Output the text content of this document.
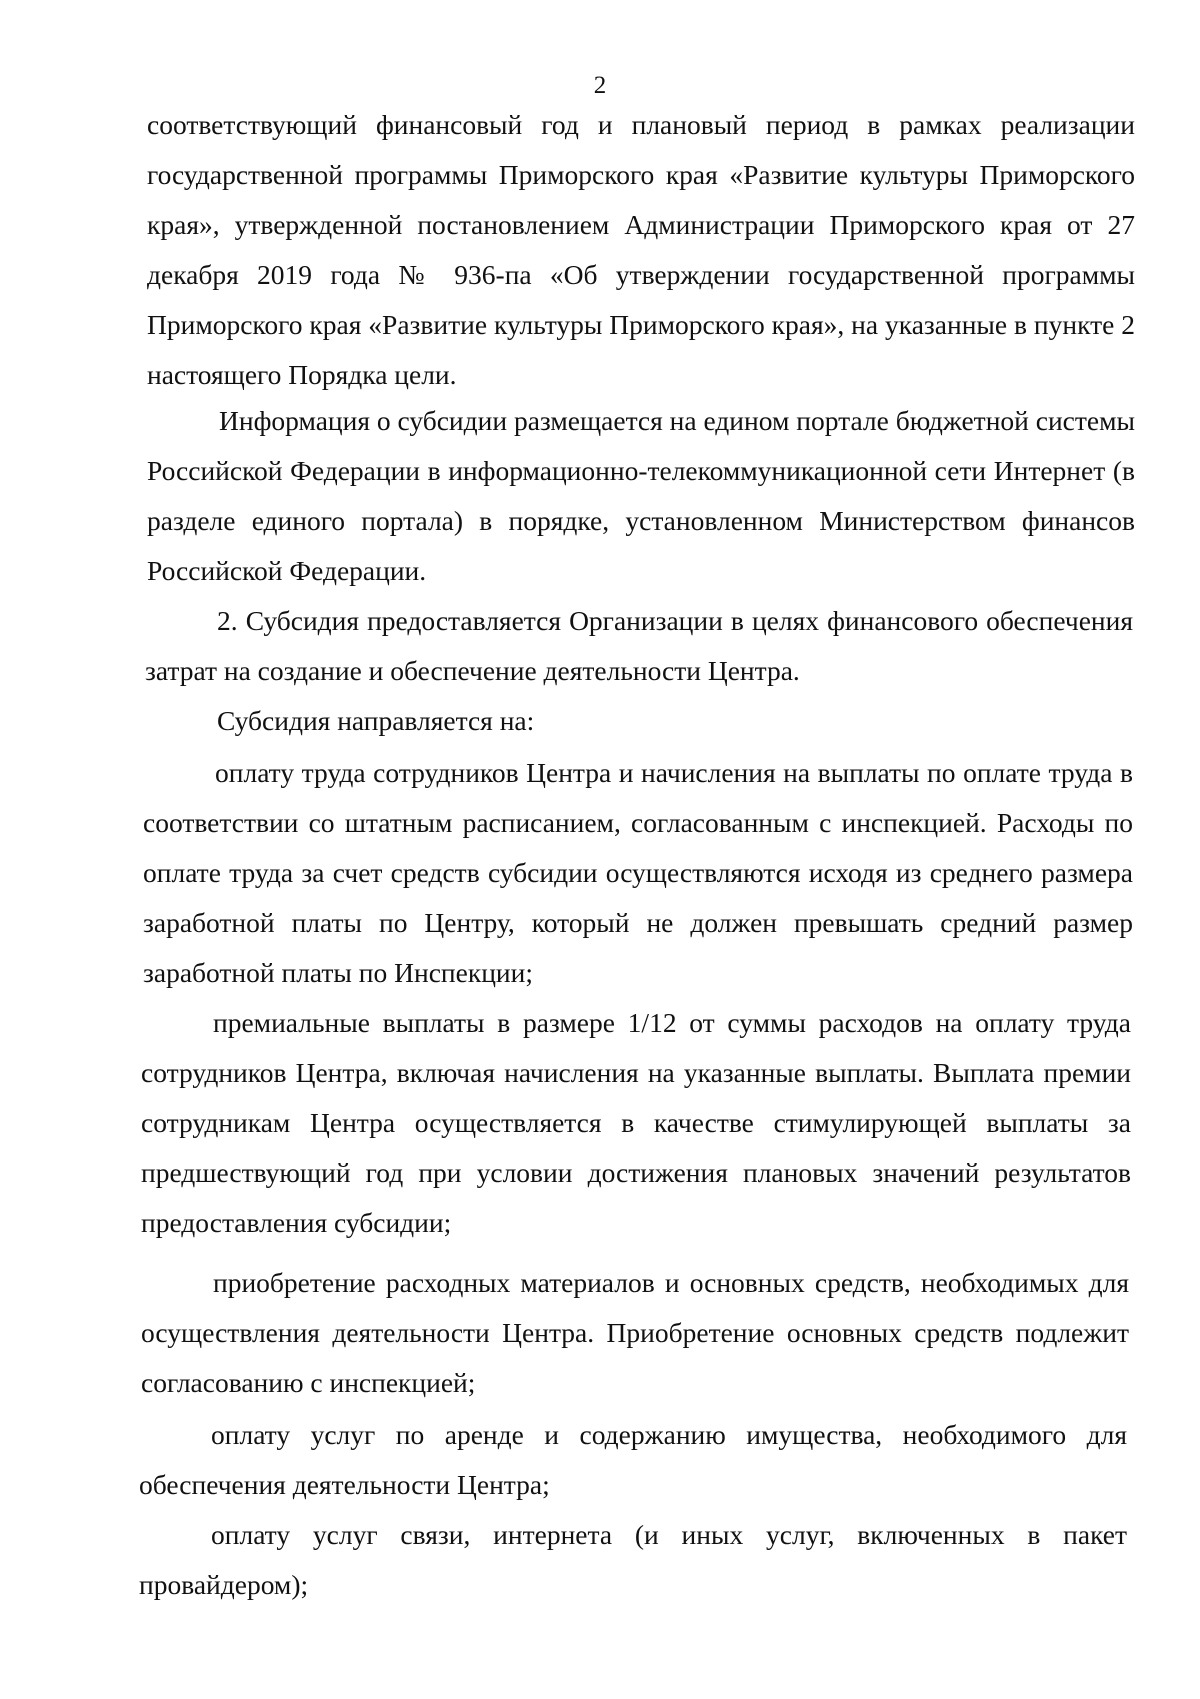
2

соответствующий финансовый год и плановый период в рамках реализации государственной программы Приморского края «Развитие культуры Приморского края», утвержденной постановлением Администрации Приморского края от 27 декабря 2019 года № 936-па «Об утверждении государственной программы Приморского края «Развитие культуры Приморского края», на указанные в пункте 2 настоящего Порядка цели.

Информация о субсидии размещается на едином портале бюджетной системы Российской Федерации в информационно-телекоммуникационной сети Интернет (в разделе единого портала) в порядке, установленном Министерством финансов Российской Федерации.

2. Субсидия предоставляется Организации в целях финансового обеспечения затрат на создание и обеспечение деятельности Центра.

Субсидия направляется на:

оплату труда сотрудников Центра и начисления на выплаты по оплате труда в соответствии со штатным расписанием, согласованным с инспекцией. Расходы по оплате труда за счет средств субсидии осуществляются исходя из среднего размера заработной платы по Центру, который не должен превышать средний размер заработной платы по Инспекции;

премиальные выплаты в размере 1/12 от суммы расходов на оплату труда сотрудников Центра, включая начисления на указанные выплаты. Выплата премии сотрудникам Центра осуществляется в качестве стимулирующей выплаты за предшествующий год при условии достижения плановых значений результатов предоставления субсидии;

приобретение расходных материалов и основных средств, необходимых для осуществления деятельности Центра. Приобретение основных средств подлежит согласованию с инспекцией;

оплату услуг по аренде и содержанию имущества, необходимого для обеспечения деятельности Центра;

оплату услуг связи, интернета (и иных услуг, включенных в пакет провайдером);
